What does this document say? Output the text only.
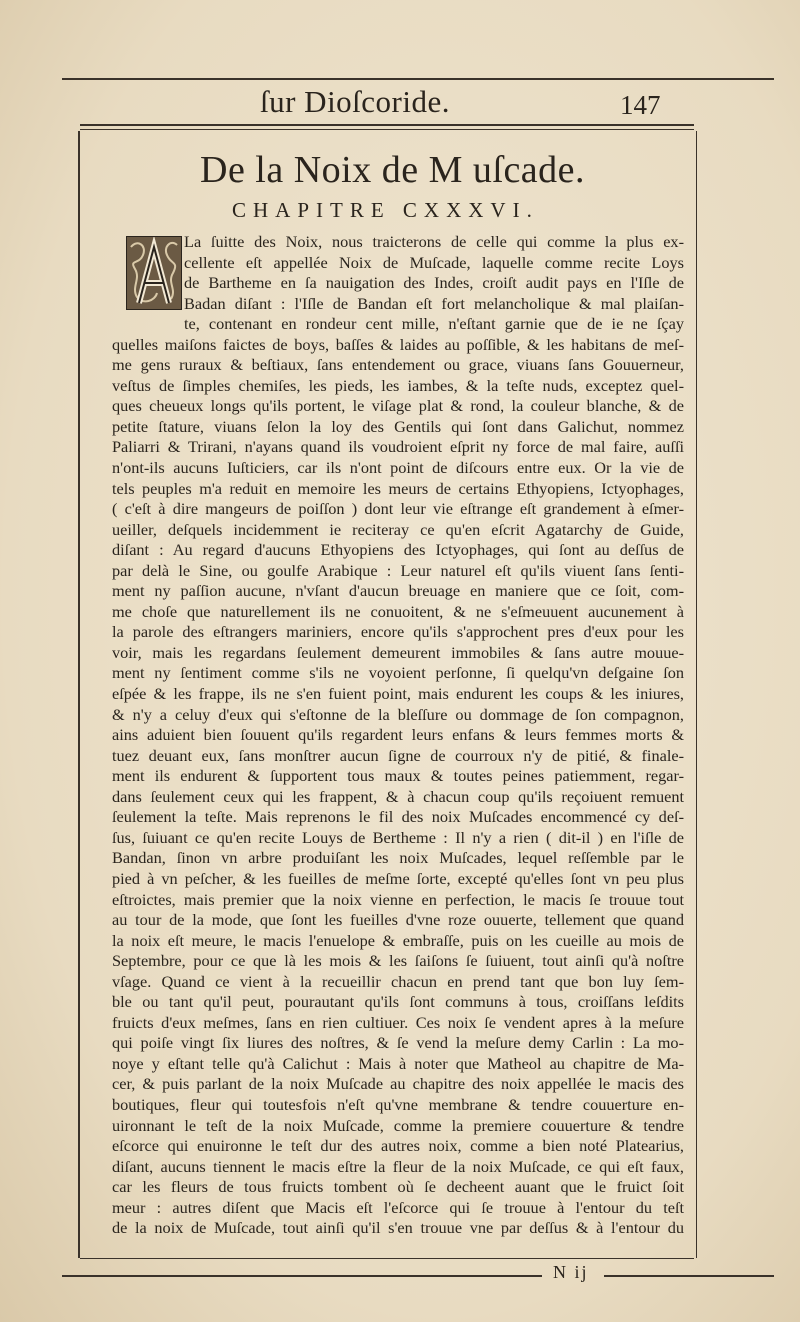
ſur Dioſcoride.	147
De la Noix de M uſcade.
CHAPITRE CXXXVI.
La ſuitte des Noix, nous traicterons de celle qui comme la plus ex-
cellente eſt appellée Noix de Muſcade, laquelle comme recite Loys
de Bartheme en ſa nauigation des Indes, croiſt audit pays en l'Iſle de
Badan diſant : l'Iſle de Bandan eſt fort melancholique & mal plaiſan-
te, contenant en rondeur cent mille, n'eſtant garnie que de ie ne ſçay
quelles maiſons faictes de boys, baſſes & laides au poſſible, & les habitans de meſ-
me gens ruraux & beſtiaux, ſans entendement ou grace, viuans ſans Gouuerneur,
veſtus de ſimples chemiſes, les pieds, les iambes, & la teſte nuds, exceptez quel-
ques cheueux longs qu'ils portent, le viſage plat & rond, la couleur blanche, & de
petite ſtature, viuans ſelon la loy des Gentils qui ſont dans Galichut, nommez
Paliarri & Trirani, n'ayans quand ils voudroient eſprit ny force de mal faire, auſſi
n'ont-ils aucuns Iuſticiers, car ils n'ont point de diſcours entre eux. Or la vie de
tels peuples m'a reduit en memoire les meurs de certains Ethyopiens, Ictyophages,
( c'eſt à dire mangeurs de poiſſon ) dont leur vie eſtrange eſt grandement à eſmer-
ueiller, deſquels incidemment ie reciteray ce qu'en eſcrit Agatarchy de Guide,
diſant : Au regard d'aucuns Ethyopiens des Ictyophages, qui ſont au deſſus de
par delà le Sine, ou goulfe Arabique : Leur naturel eſt qu'ils viuent ſans ſenti-
ment ny paſſion aucune, n'vſant d'aucun breuage en maniere que ce ſoit, com-
me choſe que naturellement ils ne conuoitent, & ne s'eſmeuuent aucunement à
la parole des eſtrangers mariniers, encore qu'ils s'approchent pres d'eux pour les
voir, mais les regardans ſeulement demeurent immobiles & ſans autre mouue-
ment ny ſentiment comme s'ils ne voyoient perſonne, ſi quelqu'vn deſgaine ſon
eſpée & les frappe, ils ne s'en fuient point, mais endurent les coups & les iniures,
& n'y a celuy d'eux qui s'eſtonne de la bleſſure ou dommage de ſon compagnon,
ains aduient bien ſouuent qu'ils regardent leurs enfans & leurs femmes morts &
tuez deuant eux, ſans monſtrer aucun ſigne de courroux n'y de pitié, & finale-
ment ils endurent & ſupportent tous maux & toutes peines patiemment, regar-
dans ſeulement ceux qui les frappent, & à chacun coup qu'ils reçoiuent remuent
ſeulement la teſte. Mais reprenons le fil des noix Muſcades encommencé cy deſ-
ſus, ſuiuant ce qu'en recite Louys de Bertheme : Il n'y a rien ( dit-il ) en l'iſle de
Bandan, ſinon vn arbre produiſant les noix Muſcades, lequel reſſemble par le
pied à vn peſcher, & les fueilles de meſme ſorte, excepté qu'elles ſont vn peu plus
eſtroictes, mais premier que la noix vienne en perfection, le macis ſe trouue tout
au tour de la mode, que ſont les fueilles d'vne roze ouuerte, tellement que quand
la noix eſt meure, le macis l'enuelope & embraſſe, puis on les cueille au mois de
Septembre, pour ce que là les mois & les ſaiſons ſe ſuiuent, tout ainſi qu'à noſtre
vſage. Quand ce vient à la recueillir chacun en prend tant que bon luy ſem-
ble ou tant qu'il peut, pourautant qu'ils ſont communs à tous, croiſſans leſdits
fruicts d'eux meſmes, ſans en rien cultiuer. Ces noix ſe vendent apres à la meſure
qui poiſe vingt ſix liures des noſtres, & ſe vend la meſure demy Carlin : La mo-
noye y eſtant telle qu'à Calichut : Mais à noter que Matheol au chapitre de Ma-
cer, & puis parlant de la noix Muſcade au chapitre des noix appellée le macis des
boutiques, fleur qui toutesfois n'eſt qu'vne membrane & tendre couuerture en-
uironnant le teſt de la noix Muſcade, comme la premiere couuerture & tendre
eſcorce qui enuironne le teſt dur des autres noix, comme a bien noté Platearius,
diſant, aucuns tiennent le macis eſtre la fleur de la noix Muſcade, ce qui eſt faux,
car les fleurs de tous fruicts tombent où ſe decheent auant que le fruict ſoit
meur : autres diſent que Macis eſt l'eſcorce qui ſe trouue à l'entour du teſt
de la noix de Muſcade, tout ainſi qu'il s'en trouue vne par deſſus & à l'entour du
N ij
